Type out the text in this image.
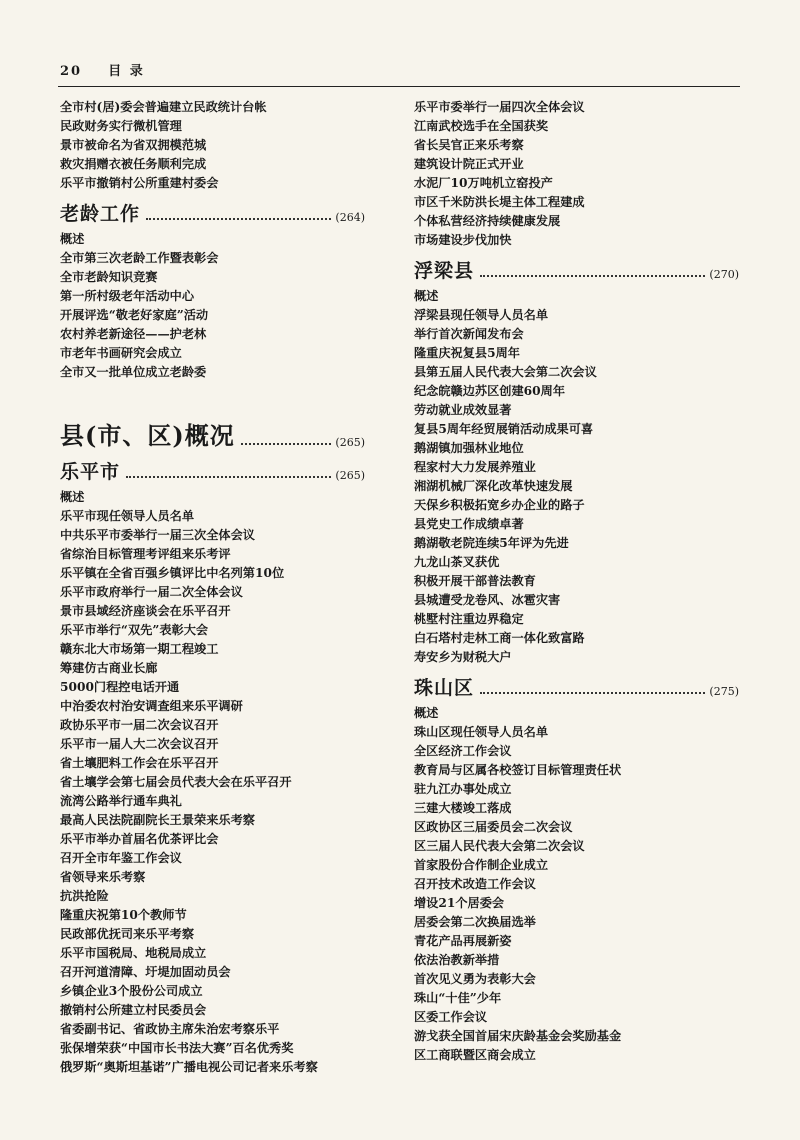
20 目 录
全市村(居)委会普遍建立民政统计台帐
民政财务实行微机管理
景市被命名为省双拥模范城
救灾捐赠衣被任务顺利完成
乐平市撤销村公所重建村委会
老龄工作	(264)
概述
全市第三次老龄工作暨表彰会
全市老龄知识竞赛
第一所村级老年活动中心
开展评选“敬老好家庭”活动
农村养老新途径——护老林
市老年书画研究会成立
全市又一批单位成立老龄委
县(市、区)概况	(265)
乐平市	(265)
概述
乐平市现任领导人员名单
中共乐平市委举行一届三次全体会议
省综治目标管理考评组来乐考评
乐平镇在全省百强乡镇评比中名列第10位
乐平市政府举行一届二次全体会议
景市县域经济座谈会在乐平召开
乐平市举行“双先”表彰大会
赣东北大市场第一期工程竣工
筹建仿古商业长廊
5000门程控电话开通
中治委农村治安调查组来乐平调研
政协乐平市一届二次会议召开
乐平市一届人大二次会议召开
省土壤肥料工作会在乐平召开
省土壤学会第七届会员代表大会在乐平召开
流湾公路举行通车典礼
最高人民法院副院长王景荣来乐考察
乐平市举办首届名优茶评比会
召开全市年鉴工作会议
省领导来乐考察
抗洪抢险
隆重庆祝第10个教师节
民政部优抚司来乐平考察
乐平市国税局、地税局成立
召开河道清障、圩堤加固动员会
乡镇企业3个股份公司成立
撤销村公所建立村民委员会
省委副书记、省政协主席朱治宏考察乐平
张保增荣获“中国市长书法大赛”百名优秀奖
俄罗斯“奥斯坦基诺”广播电视公司记者来乐考察
乐平市委举行一届四次全体会议
江南武校选手在全国获奖
省长吴官正来乐考察
建筑设计院正式开业
水泥厂10万吨机立窑投产
市区千米防洪长堤主体工程建成
个体私营经济持续健康发展
市场建设步伐加快
浮梁县	(270)
概述
浮梁县现任领导人员名单
举行首次新闻发布会
隆重庆祝复县5周年
县第五届人民代表大会第二次会议
纪念皖赣边苏区创建60周年
劳动就业成效显著
复县5周年经贸展销活动成果可喜
鹅湖镇加强林业地位
程家村大力发展养殖业
湘湖机械厂深化改革快速发展
天保乡积极拓宽乡办企业的路子
县党史工作成绩卓著
鹅湖敬老院连续5年评为先进
九龙山茶叉获优
积极开展干部普法教育
县城遭受龙卷风、冰雹灾害
桃墅村注重边界稳定
白石塔村走林工商一体化致富路
寿安乡为财税大户
珠山区	(275)
概述
珠山区现任领导人员名单
全区经济工作会议
教育局与区属各校签订目标管理责任状
驻九江办事处成立
三建大楼竣工落成
区政协区三届委员会二次会议
区三届人民代表大会第二次会议
首家股份合作制企业成立
召开技术改造工作会议
增设21个居委会
居委会第二次换届选举
青花产品再展新姿
依法治教新举措
首次见义勇为表彰大会
珠山“十佳”少年
区委工作会议
游戈获全国首届宋庆龄基金会奖励基金
区工商联暨区商会成立
